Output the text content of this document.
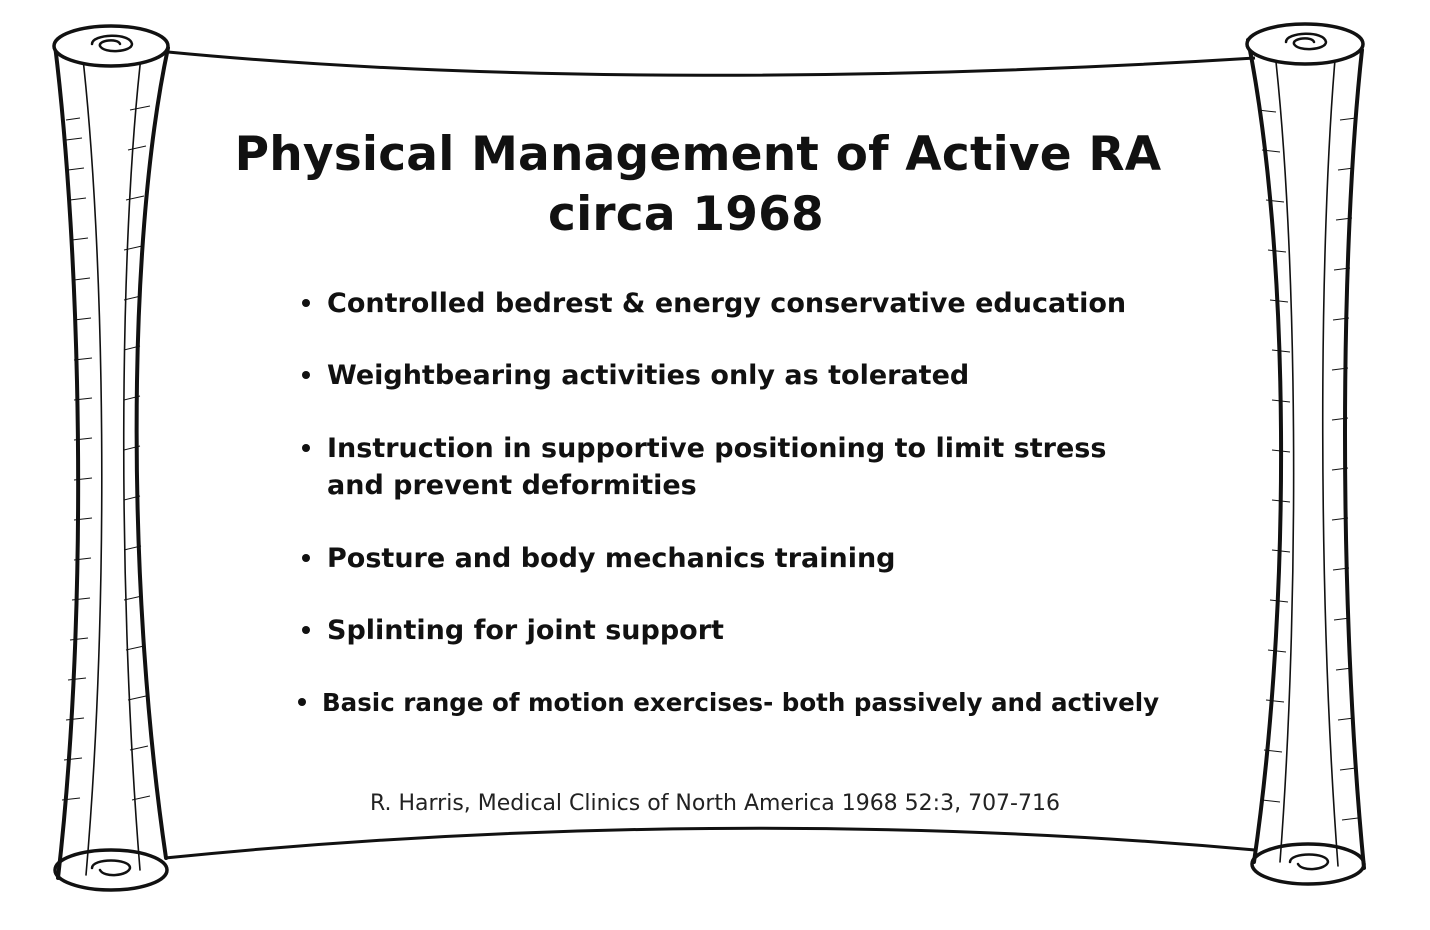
Physical Management of Active RA
circa 1968
Controlled bedrest & energy conservative education
Weightbearing activities only as tolerated
Instruction in supportive positioning to limit stress
and prevent deformities
Posture and body mechanics training
Splinting for joint support
Basic range of motion exercises- both passively and actively
R. Harris, Medical Clinics of North America 1968 52:3, 707-716
